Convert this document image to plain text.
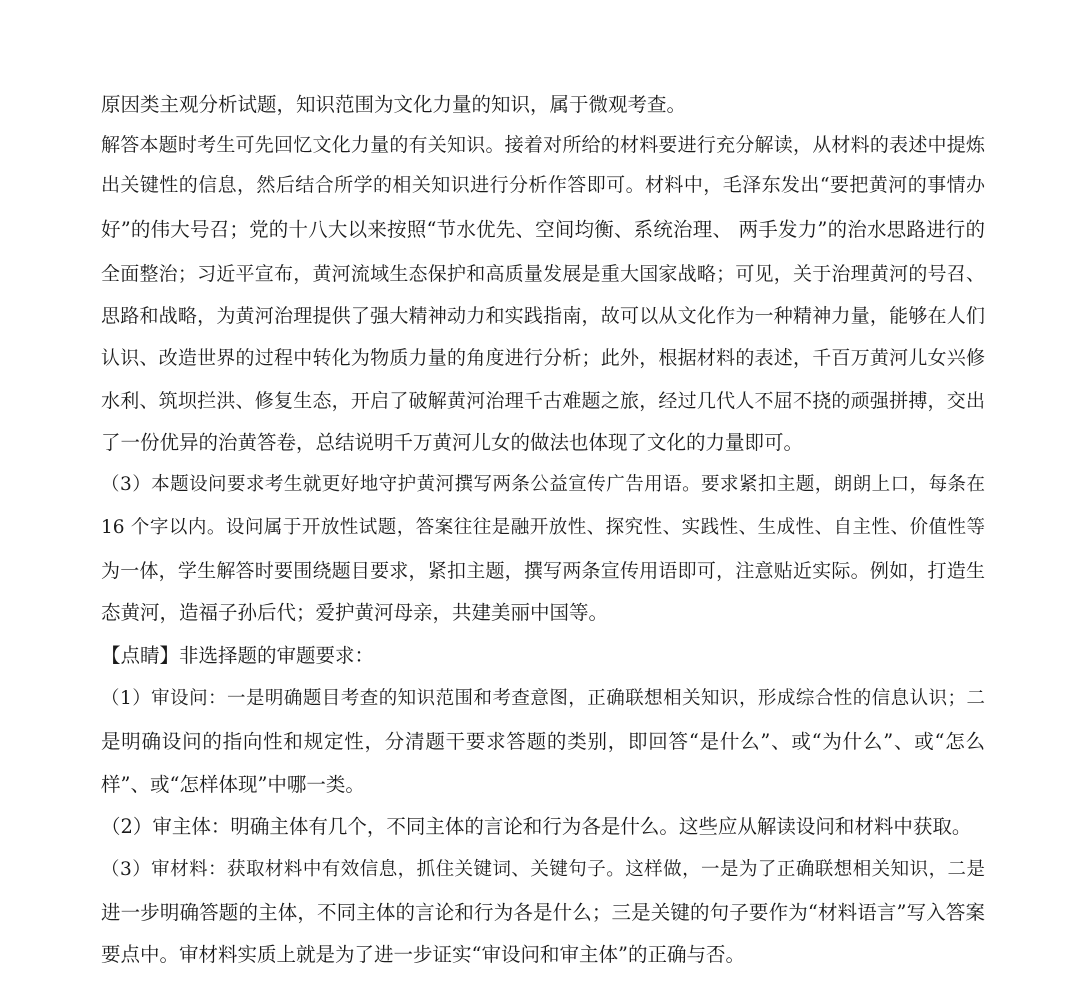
原因类主观分析试题，知识范围为文化力量的知识，属于微观考查。
解答本题时考生可先回忆文化力量的有关知识。接着对所给的材料要进行充分解读，从材料的表述中提炼
出关键性的信息，然后结合所学的相关知识进行分析作答即可。材料中，毛泽东发出“要把黄河的事情办
好”的伟大号召；党的十八大以来按照“节水优先、空间均衡、系统治理、 两手发力”的治水思路进行的
全面整治；习近平宣布，黄河流域生态保护和高质量发展是重大国家战略；可见，关于治理黄河的号召、
思路和战略，为黄河治理提供了强大精神动力和实践指南，故可以从文化作为一种精神力量，能够在人们
认识、改造世界的过程中转化为物质力量的角度进行分析；此外，根据材料的表述，千百万黄河儿女兴修
水利、筑坝拦洪、修复生态，开启了破解黄河治理千古难题之旅，经过几代人不屈不挠的顽强拼搏，交出
了一份优异的治黄答卷，总结说明千万黄河儿女的做法也体现了文化的力量即可。
（3）本题设问要求考生就更好地守护黄河撰写两条公益宣传广告用语。要求紧扣主题，朗朗上口，每条在
16 个字以内。设问属于开放性试题，答案往往是融开放性、探究性、实践性、生成性、自主性、价值性等
为一体，学生解答时要围绕题目要求，紧扣主题，撰写两条宣传用语即可，注意贴近实际。例如，打造生
态黄河，造福子孙后代；爱护黄河母亲，共建美丽中国等。
【点睛】非选择题的审题要求：
（1）审设问：一是明确题目考查的知识范围和考查意图，正确联想相关知识，形成综合性的信息认识；二
是明确设问的指向性和规定性，分清题干要求答题的类别，即回答“是什么”、或“为什么”、或“怎么
样”、或“怎样体现”中哪一类。
（2）审主体：明确主体有几个，不同主体的言论和行为各是什么。这些应从解读设问和材料中获取。
（3）审材料：获取材料中有效信息，抓住关键词、关键句子。这样做，一是为了正确联想相关知识，二是
进一步明确答题的主体，不同主体的言论和行为各是什么；三是关键的句子要作为“材料语言”写入答案
要点中。审材料实质上就是为了进一步证实“审设问和审主体”的正确与否。
